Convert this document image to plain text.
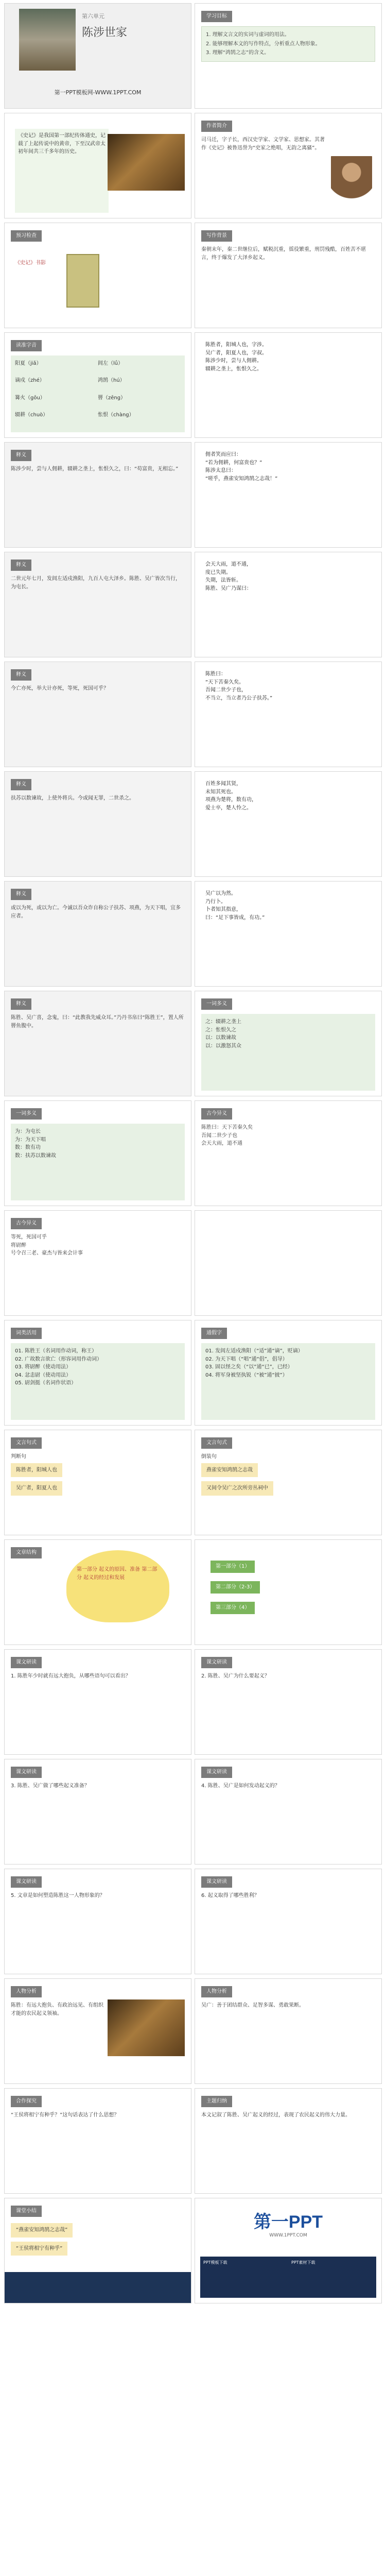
第六单元
陈涉世家
第一PPT模板网-WWW.1PPT.COM
学习目标

1. 理解文言文的实词与虚词的用法。

2. 能够理解本文的写作特点，分析重点人物形象。

3. 理解“鸿鹄之志”的含义。

《史记》是我国第一部纪传体通史，记载了上起传说中的黄帝，下至汉武帝太初年间共三千多年的历史。
作者简介
司马迁，字子长，西汉史学家、文学家、思想家。其著作《史记》被鲁迅誉为“史家之绝唱，无韵之离骚”。
预习检查
《史记》书影
写作背景
秦朝末年，秦二世继位后，赋税沉重，徭役繁重，刑罚残酷，百姓苦不堪言，终于爆发了大泽乡起义。
读准字音
阳夏（jiǎ）	闾左（lǘ）
谪戍（zhé）	鸿鹄（hú）
篝火（gōu）	罾（zēng）
辍耕（chuò）	怅恨（chàng）
陈胜者，阳城人也，字涉。
吴广者，阳夏人也，字叔。
陈涉少时，尝与人佣耕。
辍耕之垄上，怅恨久之。
释义
陈涉少时，尝与人佣耕，辍耕之垄上，怅恨久之，曰：“苟富贵，无相忘。”
佣者笑而应曰：
“若为佣耕，何富贵也？”
陈涉太息曰：
“嗟乎，燕雀安知鸿鹄之志哉！”
释义
二世元年七月，发闾左适戍渔阳，九百人屯大泽乡。陈胜、吴广皆次当行，为屯长。
会天大雨，道不通，
度已失期。
失期，法皆斩。
陈胜、吴广乃谋曰：
释义
今亡亦死，举大计亦死，等死，死国可乎？
陈胜曰：
“天下苦秦久矣。
吾闻二世少子也，
不当立，当立者乃公子扶苏。”
释义
扶苏以数谏故，上使外将兵。今或闻无罪，二世杀之。
百姓多闻其贤，
未知其死也。
项燕为楚将，数有功，
爱士卒，楚人怜之。
释义
或以为死，或以为亡。今诚以吾众诈自称公子扶苏、项燕，为天下唱，宜多应者。
吴广以为然。
乃行卜。
卜者知其指意，
曰：“足下事皆成，有功。”
释义
陈胜、吴广喜，念鬼，曰：“此教我先威众耳。”乃丹书帛曰“陈胜王”，置人所罾鱼腹中。
一词多义
之：辍耕之垄上
之：怅恨久之
以：以数谏故
以：以激怒其众
一词多义
为：为屯长
为：为天下唱
数：数有功
数：扶苏以数谏故
古今异义
陈胜曰：天下苦秦久矣
吾闻二世少子也
会天大雨，道不通
古今异义
等死，死国可乎
将尉醉
号令召三老、豪杰与皆来会计事
词类活用
01. 陈胜王（名词用作动词，称王）
02. 广故数言欲亡（形容词用作动词）
03. 将尉醉（使动用法）
04. 忿恚尉（使动用法）
05. 尉剑挺（名词作状语）
通假字
01. 发闾左适戍渔阳（“适”通“谪”，贬谪）
02. 为天下唱（“唱”通“倡”，倡导）
03. 固以怪之矣（“以”通“已”，已经）
04. 将军身被坚执锐（“被”通“披”）
文言句式
判断句
陈胜者，阳城人也
吴广者，阳夏人也
文言句式
倒装句
燕雀安知鸿鹄之志哉
又间令吴广之次所旁丛祠中
文章结构
第一部分 起义的原因、准备 第二部分 起义的经过和发展
第一部分（1）
第二部分（2-3）
第三部分（4）
课文研读
1. 陈胜年少时就有远大抱负，从哪些语句可以看出？
课文研读
2. 陈胜、吴广为什么要起义？
课文研读
3. 陈胜、吴广做了哪些起义准备？
课文研读
4. 陈胜、吴广是如何发动起义的？
课文研读
5. 文章是如何塑造陈胜这一人物形象的？
课文研读
6. 起义取得了哪些胜利？
人物分析
陈胜：有远大抱负、有政治远见、有组织才能的农民起义领袖。
人物分析
吴广：善于团结群众、足智多谋、勇敢果断。
合作探究
“王侯将相宁有种乎？”这句话表达了什么思想？
主题归纳
本文记叙了陈胜、吴广起义的经过，表现了农民起义的伟大力量。
课堂小结
“燕雀安知鸿鹄之志哉”
“王侯将相宁有种乎”
第一PPT
WWW.1PPT.COM
PPT模板下载	PPT素材下载
